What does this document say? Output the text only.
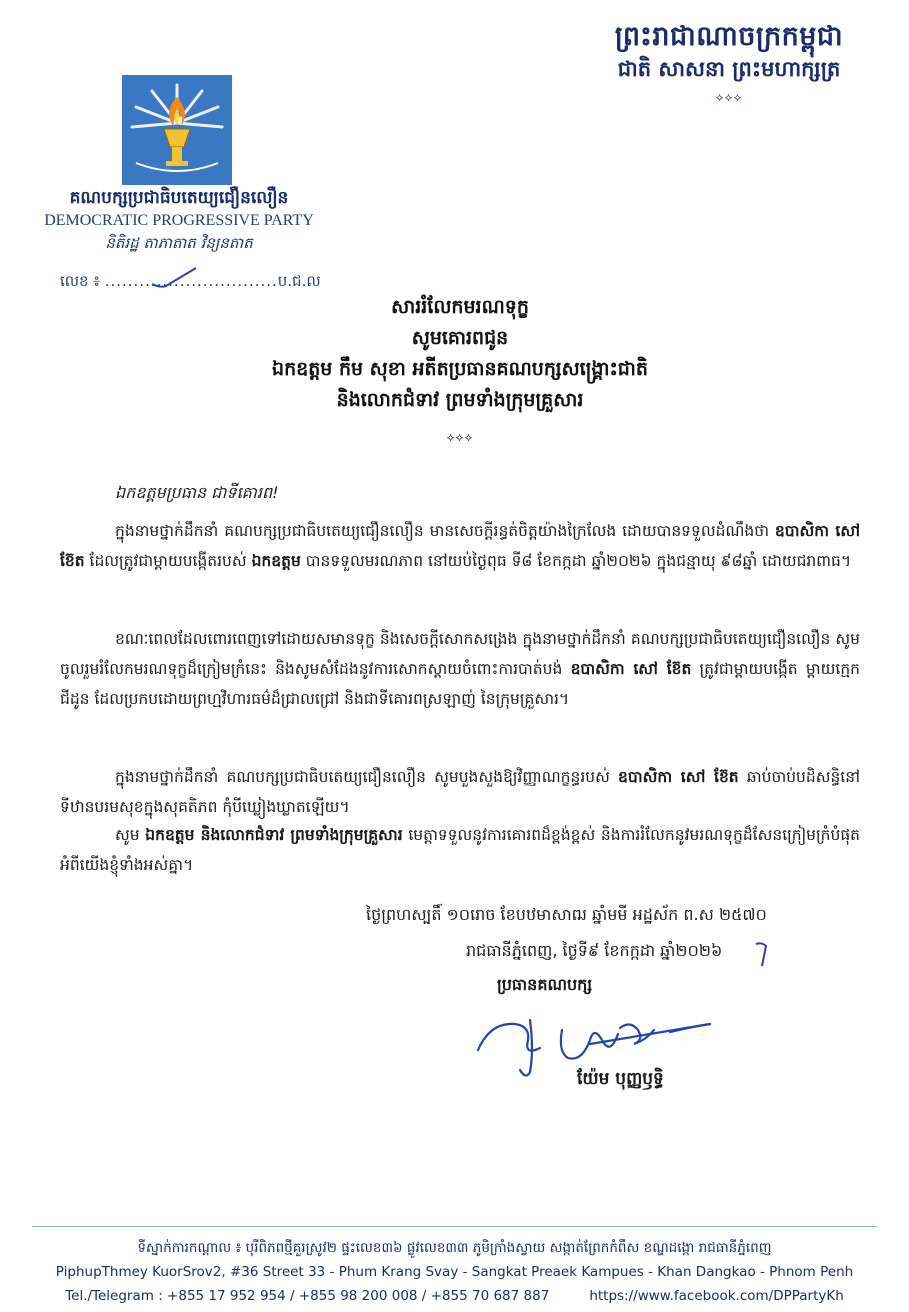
ព្រះរាជាណាចក្រកម្ពុជា
ជាតិ សាសនា ព្រះមហាក្សត្រ
⟡⟡⟡
គណបក្សប្រជាធិបតេយ្យជឿនលឿន
DEMOCRATIC PROGRESSIVE PARTY
និតិរដ្ឋ តាភាតាត វិន្យនតាត
លេខ ៖ ..............................ប.ជ.ល
សាររំលែកមរណទុក្ខ
សូមគោរពជូន
ឯកឧត្តម កឹម សុខា អតីតប្រធានគណបក្សសង្គ្រោះជាតិ
និងលោកជំទាវ ព្រមទាំងក្រុមគ្រួសារ
⟡⟡⟡
ឯកឧត្តមប្រធាន ជាទីគោរព!
ក្នុងនាមថ្នាក់ដឹកនាំ គណបក្សប្រជាធិបតេយ្យជឿនលឿន មានសេចក្តីរន្ធត់ចិត្តយ៉ាងក្រៃលែង ដោយបានទទួលដំណឹងថា ឧបាសិកា សៅ ខ៊ែត ដែលត្រូវជាម្តាយបង្កើតរបស់ ឯកឧត្តម បានទទួលមរណភាព នៅយប់ថ្ងៃពុធ ទី៨ ខែកក្កដា ឆ្នាំ២០២៦ ក្នុងជន្មាយុ ៩៨ឆ្នាំ ដោយជរាពាធ។
ខណៈពេលដែលពោរពេញទៅដោយសមានទុក្ខ និងសេចក្តីសោកសង្រេង ក្នុងនាមថ្នាក់ដឹកនាំ គណបក្សប្រជាធិបតេយ្យជឿនលឿន សូមចូលរួមរំលែកមរណទុក្ខដ៏ក្រៀមក្រំនេះ និងសូមសំដែងនូវការសោកស្តាយចំពោះការបាត់បង់ ឧបាសិកា សៅ ខ៊ែត ត្រូវជាម្តាយបង្កើត ម្តាយក្មេក ជីដូន ដែលប្រកបដោយព្រហ្មវិហារធម៌ដ៏ជ្រាលជ្រៅ និងជាទីគោរពស្រឡាញ់ នៃក្រុមគ្រួសារ។
ក្នុងនាមថ្នាក់ដឹកនាំ គណបក្សប្រជាធិបតេយ្យជឿនលឿន សូមបួងសួងឱ្យវិញ្ញាណក្ខន្ធរបស់ ឧបាសិកា សៅ ខ៊ែត ឆាប់ចាប់បដិសន្ធិនៅទីឋានបរមសុខក្នុងសុគតិភព កុំបីឃ្លៀងឃ្លាតឡើយ។
សូម ឯកឧត្តម និងលោកជំទាវ ព្រមទាំងក្រុមគ្រួសារ មេត្តាទទួលនូវការគោរពដ៏ខ្ពង់ខ្ពស់ និងការរំលែកនូវមរណទុក្ខដ៏សែនក្រៀមក្រំបំផុត អំពីយើងខ្ញុំទាំងអស់គ្នា។
ថ្ងៃព្រហស្បតិ៍ ១០រោច ខែបឋមាសាឍ ឆ្នាំមមី អដ្ឋស័ក ព.ស ២៥៧០
រាជធានីភ្នំពេញ, ថ្ងៃទី៩ ខែកក្កដា ឆ្នាំ២០២៦
ប្រធានគណបក្ស
យ៉ែម បុញ្ញឫទ្ធិ
ទីស្នាក់ការកណ្តាល ៖ បុរីពិភពថ្មីគួរស្រូវ២ ផ្ទះលេខ៣៦ ផ្លូវលេខ៣៣ ភូមិក្រាំងស្វាយ សង្កាត់ព្រែកកំពឹស ខណ្ឌដង្កោ រាជធានីភ្នំពេញ
PiphupThmey KuorSrov2, #36 Street 33 - Phum Krang Svay - Sangkat Preaek Kampues - Khan Dangkao - Phnom Penh
Tel./Telegram : +855 17 952 954 / +855 98 200 008 / +855 70 687 887	https://www.facebook.com/DPPartyKh
